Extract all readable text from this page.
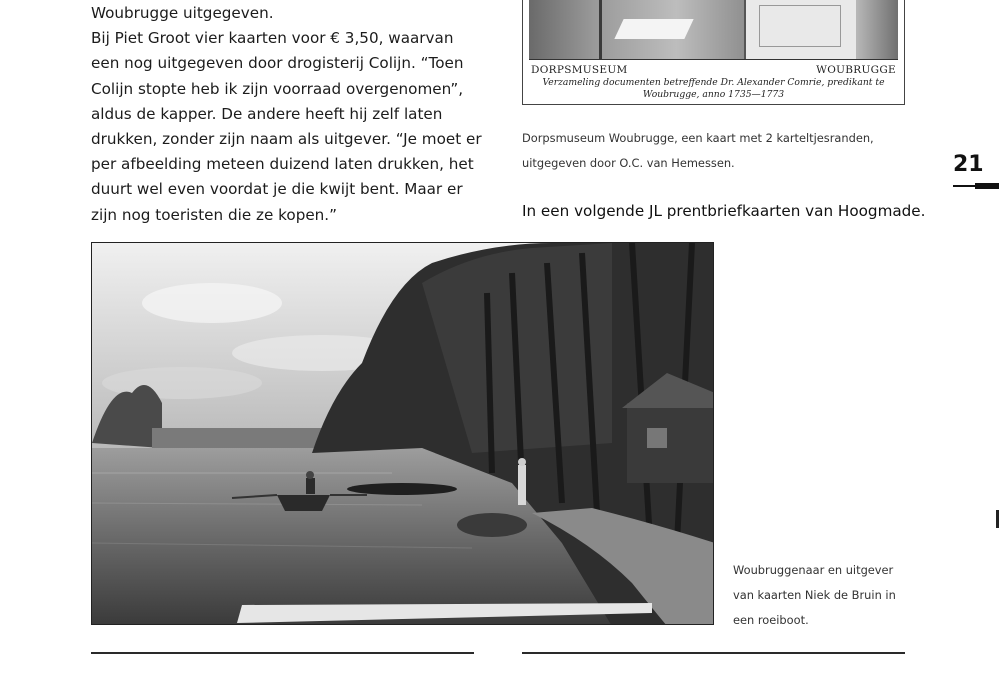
Woubrugge uitgegeven.

Bij Piet Groot vier kaarten voor € 3,50, waarvan

een nog uitgegeven door drogisterij Colijn. “Toen

Colijn stopte heb ik zijn voorraad overgenomen”,

aldus de kapper. De andere heeft hij zelf laten

drukken, zonder zijn naam als uitgever. “Je moet er

per afbeelding meteen duizend laten drukken, het

duurt wel even voordat je die kwijt bent. Maar er

zijn nog toeristen die ze kopen.”

DORPSMUSEUM	WOUBRUGGE
Verzameling documenten betreffende Dr. Alexander Comrie, predikant te
Woubrugge, anno 1735—1773
Dorpsmuseum Woubrugge, een kaart met 2 karteltjesranden,
uitgegeven door O.C. van Hemessen.
In een volgende JL prentbriefkaarten van Hoogmade.
21
Woubruggenaar en uitgever
van kaarten Niek de Bruin in
een roeiboot.
